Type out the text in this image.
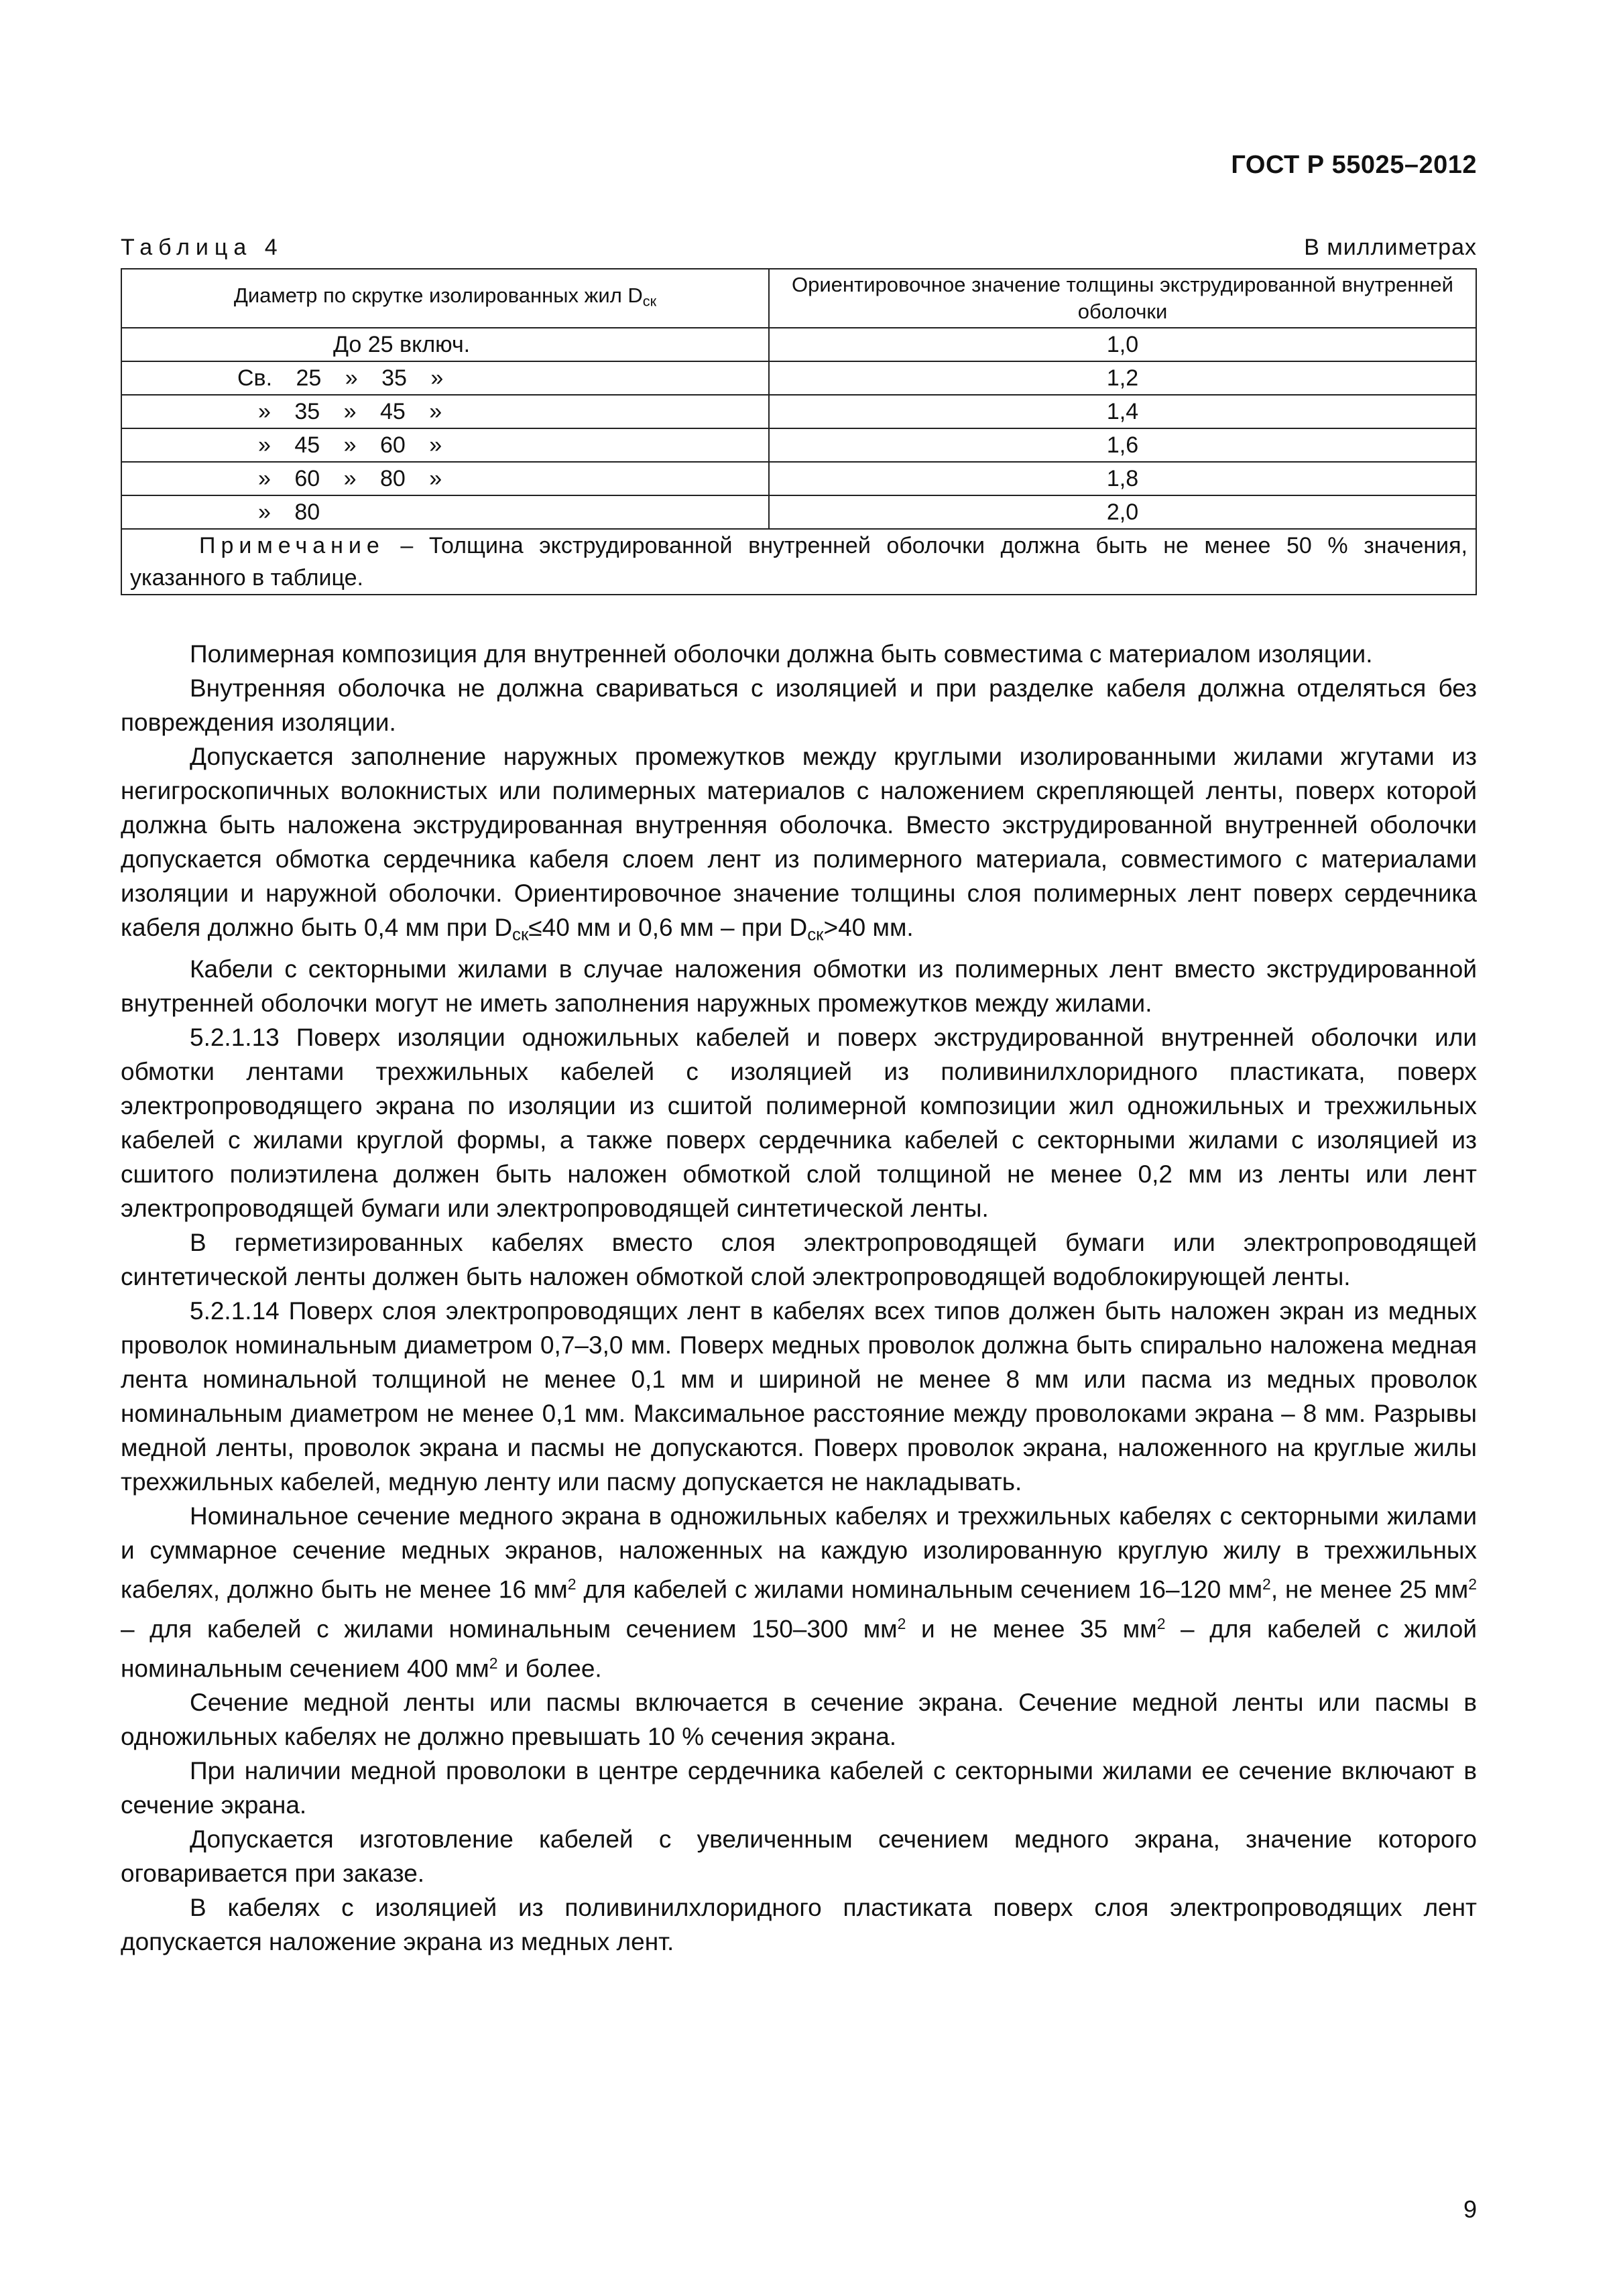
ГОСТ Р 55025–2012
Таблица 4	В миллиметрах
Диаметр по скрутке изолированных жил $D_{ск}$	Ориентировочное значение толщины экструдированной внутренней оболочки
До 25 включ.	1,0
Св. 25 » 35 »	1,2
» 35 » 45 »	1,4
» 45 » 60 »	1,6
» 60 » 80 »	1,8
» 80	2,0
Примечание – Толщина экструдированной внутренней оболочки должна быть не менее 50 % значения, указанного в таблице.	

Полимерная композиция для внутренней оболочки должна быть совместима с материалом изоляции.

Внутренняя оболочка не должна свариваться с изоляцией и при разделке кабеля должна отделяться без повреждения изоляции.

Допускается заполнение наружных промежутков между круглыми изолированными жилами жгутами из негигроскопичных волокнистых или полимерных материалов с наложением скрепляющей ленты, поверх которой должна быть наложена экструдированная внутренняя оболочка. Вместо экструдированной внутренней оболочки допускается обмотка сердечника кабеля слоем лент из полимерного материала, совместимого с материалами изоляции и наружной оболочки. Ориентировочное значение толщины слоя полимерных лент поверх сердечника кабеля должно быть 0,4 мм при $D_{ск}\le 40$ мм и 0,6 мм – при $D_{ск}>40$ мм.

Кабели с секторными жилами в случае наложения обмотки из полимерных лент вместо экструдированной внутренней оболочки могут не иметь заполнения наружных промежутков между жилами.

5.2.1.13 Поверх изоляции одножильных кабелей и поверх экструдированной внутренней оболочки или обмотки лентами трехжильных кабелей с изоляцией из поливинилхлоридного пластиката, поверх электропроводящего экрана по изоляции из сшитой полимерной композиции жил одножильных и трехжильных кабелей с жилами круглой формы, а также поверх сердечника кабелей с секторными жилами с изоляцией из сшитого полиэтилена должен быть наложен обмоткой слой толщиной не менее 0,2 мм из ленты или лент электропроводящей бумаги или электропроводящей синтетической ленты.

В герметизированных кабелях вместо слоя электропроводящей бумаги или электропроводящей синтетической ленты должен быть наложен обмоткой слой электропроводящей водоблокирующей ленты.

5.2.1.14 Поверх слоя электропроводящих лент в кабелях всех типов должен быть наложен экран из медных проволок номинальным диаметром 0,7–3,0 мм. Поверх медных проволок должна быть спирально наложена медная лента номинальной толщиной не менее 0,1 мм и шириной не менее 8 мм или пасма из медных проволок номинальным диаметром не менее 0,1 мм. Максимальное расстояние между проволоками экрана – 8 мм. Разрывы медной ленты, проволок экрана и пасмы не допускаются. Поверх проволок экрана, наложенного на круглые жилы трехжильных кабелей, медную ленту или пасму допускается не накладывать.

Номинальное сечение медного экрана в одножильных кабелях и трехжильных кабелях с секторными жилами и суммарное сечение медных экранов, наложенных на каждую изолированную круглую жилу в трехжильных кабелях, должно быть не менее 16 $мм^2$ для кабелей с жилами номинальным сечением 16–120 $мм^2$, не менее 25 $мм^2$ – для кабелей с жилами номинальным сечением 150–300 $мм^2$ и не менее 35 $мм^2$ – для кабелей с жилой номинальным сечением 400 $мм^2$ и более.

Сечение медной ленты или пасмы включается в сечение экрана. Сечение медной ленты или пасмы в одножильных кабелях не должно превышать 10 % сечения экрана.

При наличии медной проволоки в центре сердечника кабелей с секторными жилами ее сечение включают в сечение экрана.

Допускается изготовление кабелей с увеличенным сечением медного экрана, значение которого оговаривается при заказе.

В кабелях с изоляцией из поливинилхлоридного пластиката поверх слоя электропроводящих лент допускается наложение экрана из медных лент.

9
